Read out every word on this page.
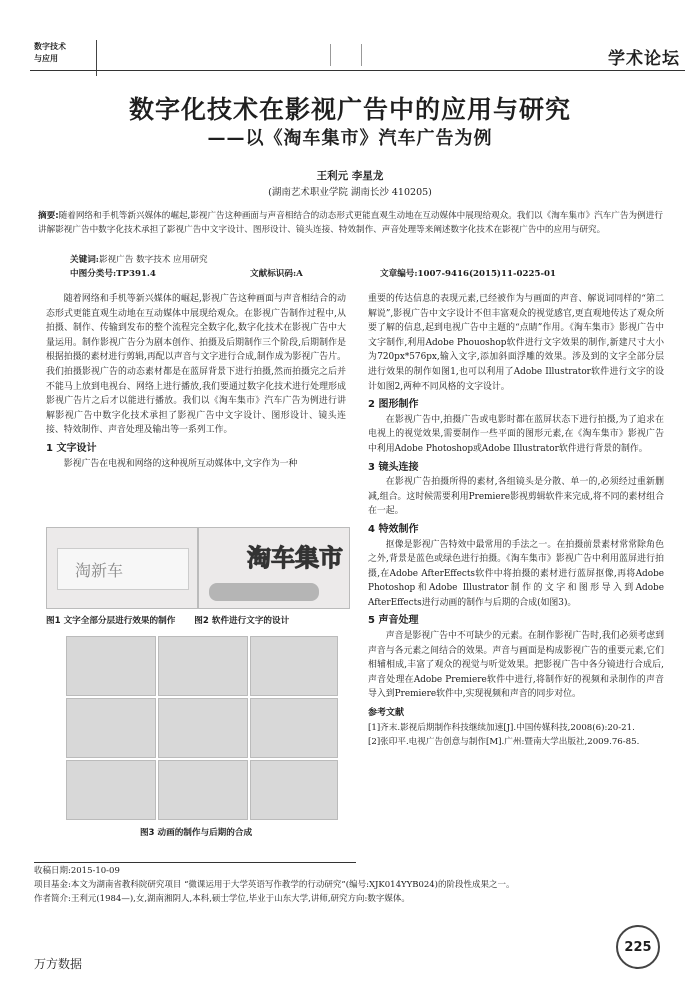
数字技术
与应用	学术论坛
数字化技术在影视广告中的应用与研究
——以《淘车集市》汽车广告为例
王利元 李星龙
(湖南艺术职业学院 湖南长沙 410205)
摘要:随着网络和手机等新兴媒体的崛起,影视广告这种画面与声音相结合的动态形式更能直观生动地在互动媒体中展现给观众。我们以《淘车集市》汽车广告为例进行讲解影视广告中数字化技术承担了影视广告中文字设计、图形设计、镜头连接、特效制作、声音处理等来阐述数字化技术在影视广告中的应用与研究。
关键词:影视广告 数字技术 应用研究
中图分类号:TP391.4	文献标识码:A	文章编号:1007-9416(2015)11-0225-01

随着网络和手机等新兴媒体的崛起,影视广告这种画面与声音相结合的动态形式更能直观生动地在互动媒体中展现给观众。在影视广告制作过程中,从拍摄、制作、传输到发布的整个流程完全数字化,数字化技术在影视广告中大量运用。制作影视广告分为剧本创作、拍摄及后期制作三个阶段,后期制作是根据拍摄的素材进行剪辑,再配以声音与文字进行合成,制作成为影视广告片。我们拍摄影视广告的动态素材都是在蓝屏背景下进行拍摄,然而拍摄完之后并不能马上放到电视台、网络上进行播放,我们要通过数字化技术进行处理形成影视广告片之后才以能进行播放。我们以《淘车集市》汽车广告为例进行讲解影视广告中数字化技术承担了影视广告中文字设计、图形设计、镜头连接、特效制作、声音处理及输出等一系列工作。

1 文字设计

影视广告在电视和网络的这种视所互动媒体中,文字作为一种

淘新车	淘车集市
图1 文字全部分层进行效果的制作 图2 软件进行文字的设计
图3 动画的制作与后期的合成

重要的传达信息的表现元素,已经被作为与画面的声音、解说词同样的“第二解说”,影视广告中文字设计不但丰富观众的视觉感官,更直观地传达了观众所要了解的信息,起到电视广告中主题的“点睛”作用。《淘车集市》影视广告中文字制作,利用Adobe Phouoshop软件进行文字效果的制作,新建尺寸大小为720px*576px,输入文字,添加斜面浮雕的效果。涉及到的文字全部分层进行效果的制作如图1,也可以利用了Adobe Illustrator软件进行文字的设计如图2,两种不同风格的文字设计。

2 图形制作

在影视广告中,拍摄广告或电影时都在蓝屏状态下进行拍摄,为了追求在电视上的视觉效果,需要制作一些平面的图形元素,在《淘车集市》影视广告中利用Adobe Photoshop或Adobe Illustrator软件进行背景的制作。

3 镜头连接

在影视广告拍摄所得的素材,各组镜头是分散、单一的,必须经过重新删减,组合。这时候需要利用Premiere影视剪辑软件来完成,将不同的素材组合在一起。

4 特效制作

抠像是影视广告特效中最常用的手法之一。在拍摄前景素材常常除角色之外,背景是蓝色或绿色进行拍摄。《淘车集市》影视广告中利用蓝屏进行拍摄,在Adobe AfterEffects软件中将拍摄的素材进行蓝屏抠像,再将Adobe Photoshop和Adobe Illustrator制作的文字和图形导入到Adobe AfterEffects进行动画的制作与后期的合成(如图3)。

5 声音处理

声音是影视广告中不可缺少的元素。在制作影视广告时,我们必须考虑到声音与各元素之间结合的效果。声音与画面是构成影视广告的重要元素,它们相辅相成,丰富了观众的视觉与听觉效果。把影视广告中各分镜进行合成后,声音处理在Adobe Premiere软件中进行,将制作好的视频和录制作的声音导入到Premiere软件中,实现视频和声音的同步对位。

参考文献
[1]齐末.影视后期制作科技继续加速[J].中国传媒科技,2008(6):20-21.
[2]张印平.电视广告创意与制作[M].广州:暨南大学出版社,2009.76-85.
收稿日期:2015-10-09
项目基金:本文为湖南省教科院研究项目 “微课运用于大学英语写作教学的行动研究”(编号:XJK014YYB024)的阶段性成果之一。
作者简介:王利元(1984—),女,湖南湘阴人,本科,硕士学位,毕业于山东大学,讲师,研究方向:数字媒体。
225
万方数据
